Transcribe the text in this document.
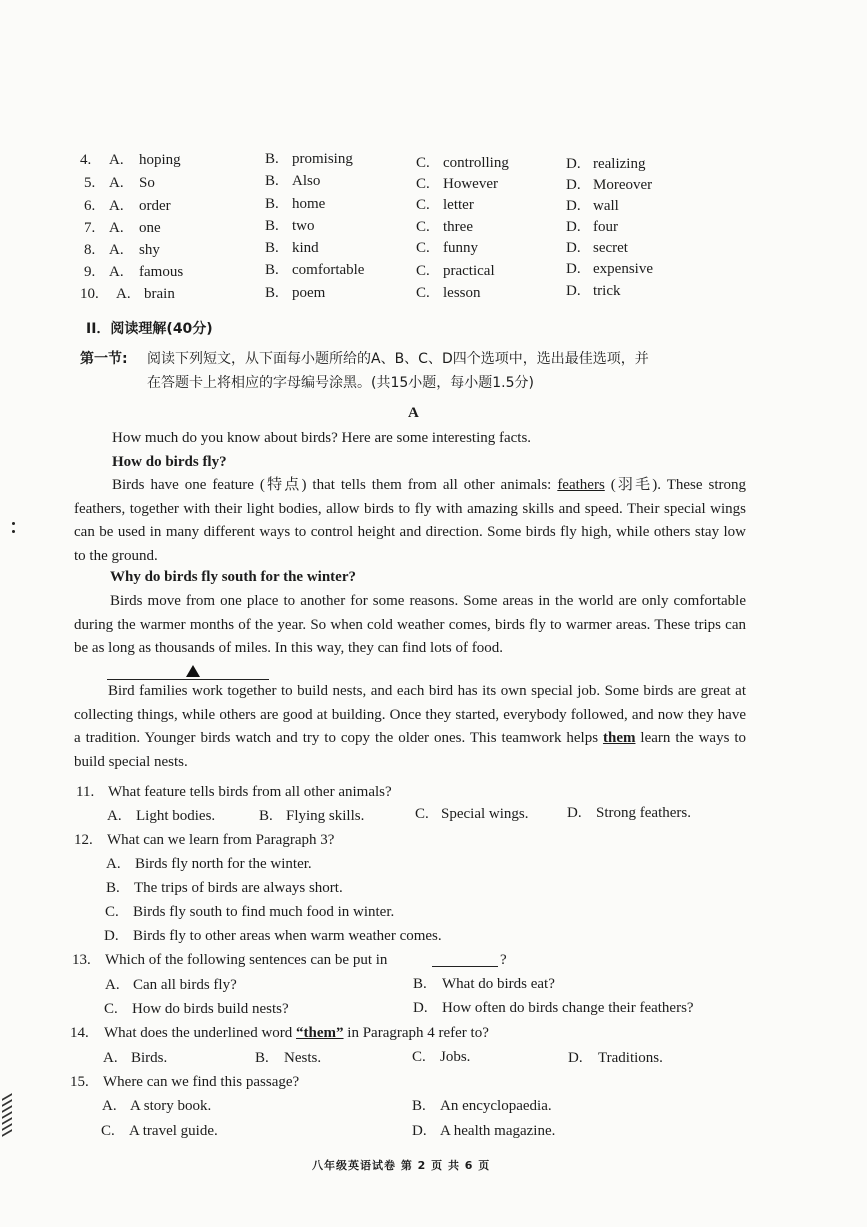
4. A. hoping	B. promising	C. controlling	D. realizing
5. A. So	B. Also	C. However	D. Moreover
6. A. order	B. home	C. letter	D. wall
7. A. one	B. two	C. three	D. four
8. A. shy	B. kind	C. funny	D. secret
9. A. famous	B. comfortable	C. practical	D. expensive
10. A. brain	B. poem	C. lesson	D. trick
II．阅读理解(40分)
第一节: 阅读下列短文，从下面每小题所给的A、B、C、D四个选项中，选出最佳选项，并
在答题卡上将相应的字母编号涂黑。(共15小题，每小题1.5分)
A
How much do you know about birds? Here are some interesting facts.
How do birds fly?
Birds have one feature (特点) that tells them from all other animals: feathers (羽毛). These strong feathers, together with their light bodies, allow birds to fly with amazing skills and speed. Their special wings can be used in many different ways to control height and direction. Some birds fly high, while others stay low to the ground.
Why do birds fly south for the winter?
Birds move from one place to another for some reasons. Some areas in the world are only comfortable during the warmer months of the year. So when cold weather comes, birds fly to warmer areas. These trips can be as long as thousands of miles. In this way, they can find lots of food.
Bird families work together to build nests, and each bird has its own special job. Some birds are great at collecting things, while others are good at building. Once they started, everybody followed, and now they have a tradition. Younger birds watch and try to copy the older ones. This teamwork helps them learn the ways to build special nests.
11. What feature tells birds from all other animals?
A. Light bodies.	B. Flying skills.	C. Special wings.	D. Strong feathers.
12. What can we learn from Paragraph 3?
A. Birds fly north for the winter.
B. The trips of birds are always short.
C. Birds fly south to find much food in winter.
D. Birds fly to other areas when warm weather comes.
13. Which of the following sentences can be put in	?
A. Can all birds fly?	B. What do birds eat?
C. How do birds build nests?	D. How often do birds change their feathers?
14. What does the underlined word “them” in Paragraph 4 refer to?
A. Birds.	B. Nests.	C. Jobs.	D. Traditions.
15. Where can we find this passage?
A. A story book.	B. An encyclopaedia.
C. A travel guide.	D. A health magazine.
八年级英语试卷 第 2 页 共 6 页
